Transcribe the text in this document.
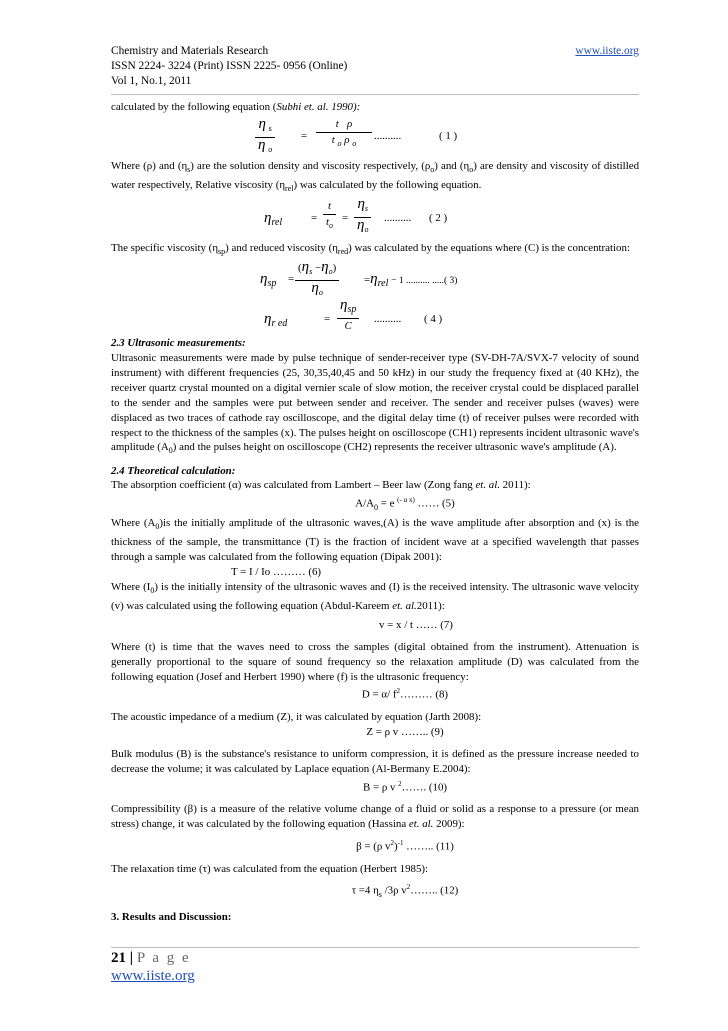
Chemistry and Materials Research
ISSN 2224- 3224 (Print) ISSN 2225- 0956 (Online)
Vol 1, No.1, 2011
www.iiste.org

calculated by the following equation (Subhi et. al. 1990):

$\frac{\eta _s}{\eta _o} = \frac{\text{t ρ}}{t _o \rho _o}$ ..........	( 1 )

Where (ρ) and $(\eta_s)$ are the solution density and viscosity respectively, $(\rho_o)$ and $(\eta_o)$ are density and viscosity of distilled water respectively, Relative viscosity $(\eta_{rel})$ was calculated by the following equation.

$\eta_{rel}$	= $\frac{t}{t_o} = \frac{\eta_s}{\eta_o}$ .......... ( 2 )

The specific viscosity $(\eta_{sp})$ and reduced viscosity $(\eta_{red})$ was calculated by the equations where (C) is the concentration:

$\eta_{sp} = \frac{(\eta_s -\eta_o)}{\eta_o} =\eta_{rel} - 1$ .......... .....( 3)
$\eta_{r ed}$	=
$\eta_{sp}$
C
.......... ( 4 )

2.3 Ultrasonic measurements:

Ultrasonic measurements were made by pulse technique of sender-receiver type (SV-DH-7A/SVX-7 velocity of sound instrument) with different frequencies (25, 30,35,40,45 and 50 kHz) in our study the frequency fixed at (40 KHz), the receiver quartz crystal mounted on a digital vernier scale of slow motion, the receiver crystal could be displaced parallel to the sender and the samples were put between sender and receiver. The sender and receiver pulses (waves) were displaced as two traces of cathode ray oscilloscope, and the digital delay time (t) of receiver pulses were recorded with respect to the thickness of the samples (x). The pulses height on oscilloscope (CH1) represents incident ultrasonic wave's amplitude $(A_0)$ and the pulses height on oscilloscope (CH2) represents the receiver ultrasonic wave's amplitude (A).

2.4 Theoretical calculation:

The absorption coefficient (α) was calculated from Lambert – Beer law (Zong fang et. al. 2011):

$A/A_0 = e$ $^{(- \alpha x)}$ …… (5)

Where $(A_0)is$ the initially amplitude of the ultrasonic waves,(A) is the wave amplitude after absorption and (x) is the thickness of the sample, the transmittance (T) is the fraction of incident wave at a specified wavelength that passes through a sample was calculated from the following equation (Dipak 2001):

T = I / Io ……… (6)

Where $(I_0)$ is the initially intensity of the ultrasonic waves and (I) is the received intensity. The ultrasonic wave velocity (v) was calculated using the following equation (Abdul-Kareem et. al.2011):

v = x / t …… (7)

Where (t) is time that the waves need to cross the samples (digital obtained from the instrument). Attenuation is generally proportional to the square of sound frequency so the relaxation amplitude (D) was calculated from the following equation (Josef and Herbert 1990) where (f) is the ultrasonic frequency:

D = α/ $f^2\dots\dots\dots$ (8)

The acoustic impedance of a medium (Z), it was calculated by equation (Jarth 2008):

Z = ρ v …….. (9)

Bulk modulus (B) is the substance's resistance to uniform compression, it is defined as the pressure increase needed to decrease the volume; it was calculated by Laplace equation (Al-Bermany E.2004):

B = ρ v $^2$……. (10)

Compressibility (β) is a measure of the relative volume change of a fluid or solid as a response to a pressure (or mean stress) change, it was calculated by the following equation (Hassina et. al. 2009):

β = (ρ $v^2)^{-1}$ …….. (11)

The relaxation time (τ) was calculated from the equation (Herbert 1985):

τ =4 $\eta_s$ /3ρ $v^2\dots\dots$.. (12)

3. Results and Discussion:

21 | P a g e
www.iiste.org
